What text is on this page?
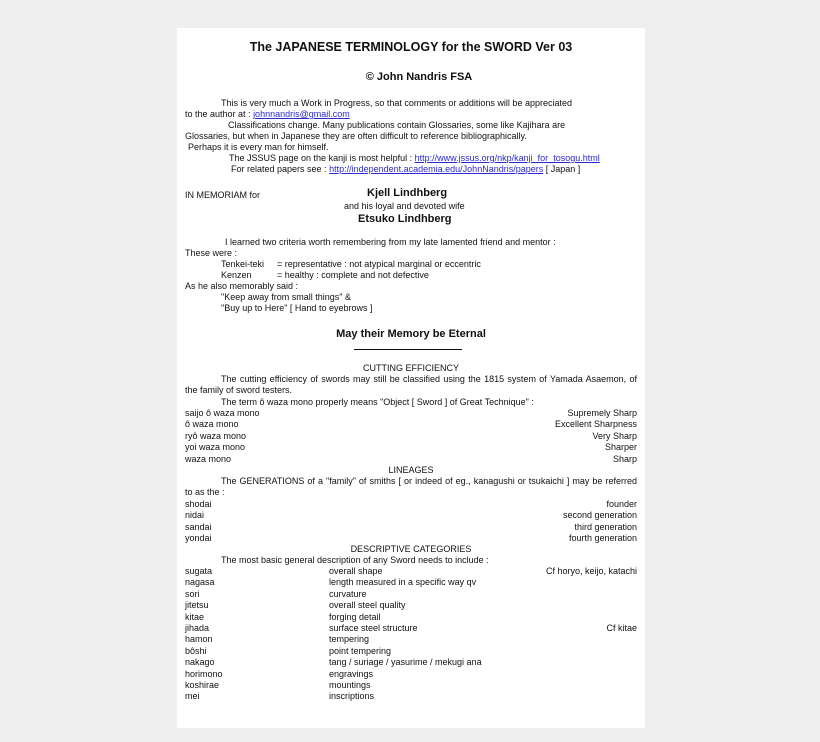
The JAPANESE TERMINOLOGY for the SWORD Ver 03
© John Nandris FSA
This is very much a Work in Progress, so that comments or additions will be appreciated
to the author at : johnnandris@gmail.com
Classifications change. Many publications contain Glossaries, some like Kajihara are
Glossaries, but when in Japanese they are often difficult to reference bibliographically.
Perhaps it is every man for himself.
The JSSUS page on the kanji is most helpful : http://www.jssus.org/nkp/kanji_for_tosogu.html
For related papers see : http://independent.academia.edu/JohnNandris/papers [ Japan ]
IN MEMORIAM for	Kjell Lindhberg
and his loyal and devoted wife
Etsuko Lindhberg
I learned two criteria worth remembering from my late lamented friend and mentor :
These were :
Tenkei-teki = representative : not atypical marginal or eccentric
Kenzen	= healthy : complete and not defective
As he also memorably said :
"Keep away from small things" &
"Buy up to Here" [ Hand to eyebrows ]
May their Memory be Eternal
CUTTING EFFICIENCY
The cutting efficiency of swords may still be classified using the 1815 system of Yamada Asaemon, of the family of sword testers.
The term ô waza mono properly means "Object [ Sword ] of Great Technique" :
saijo ô waza mono	Supremely Sharp
ô waza mono	Excellent Sharpness
ryô waza mono	Very Sharp
yoi waza mono	Sharper
waza mono	Sharp
LINEAGES
The GENERATIONS of a "family" of smiths [ or indeed of eg., kanagushi or tsukaichi ] may be referred to as the :
shodai	founder
nidai	second generation
sandai	third generation
yondai	fourth generation
DESCRIPTIVE CATEGORIES
The most basic general description of any Sword needs to include :
sugata	overall shape	Cf horyo, keijo, katachi
nagasa	length measured in a specific way qv
sori	curvature
jitetsu	overall steel quality
kitae	forging detail
jihada	surface steel structure	Cf kitae
hamon	tempering
bôshi	point tempering
nakago	tang / suriage / yasurime / mekugi ana
horimono	engravings
koshirae	mountings
mei	inscriptions
